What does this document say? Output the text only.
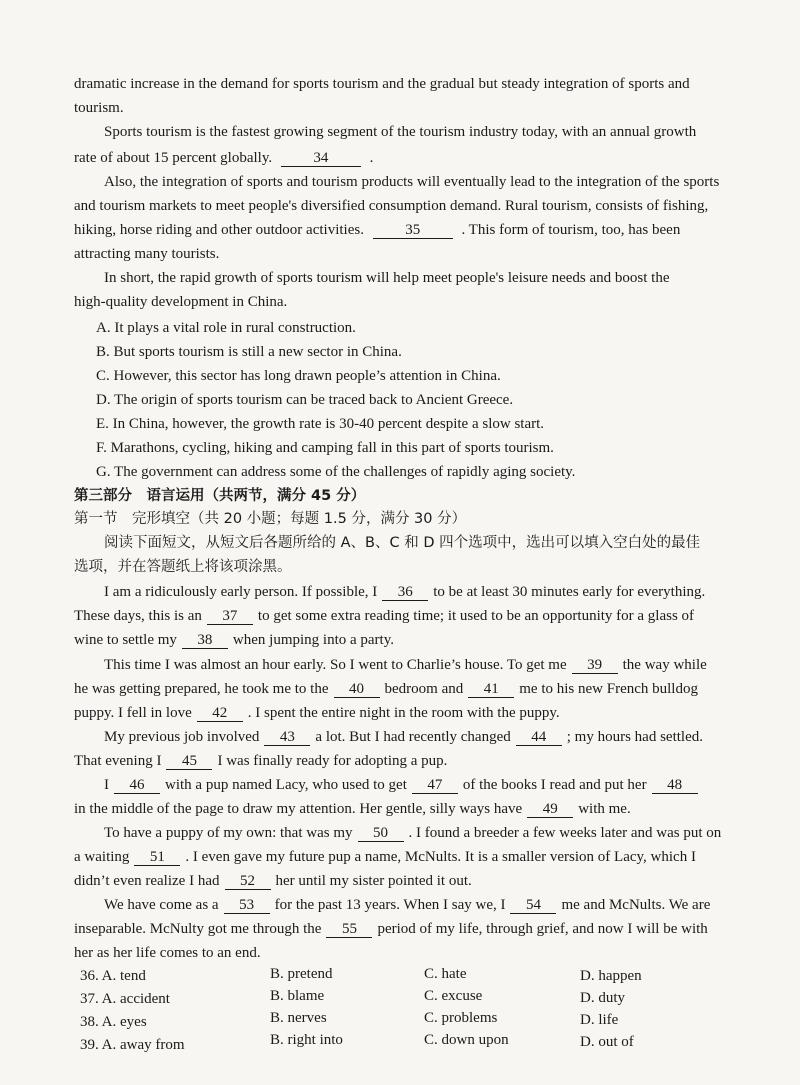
dramatic increase in the demand for sports tourism and the gradual but steady integration of sports and
tourism.
Sports tourism is the fastest growing segment of the tourism industry today, with an annual growth
rate of about 15 percent globally.	34	.
Also, the integration of sports and tourism products will eventually lead to the integration of the sports
and tourism markets to meet people's diversified consumption demand. Rural tourism, consists of fishing,
hiking, horse riding and other outdoor activities.	35	. This form of tourism, too, has been
attracting many tourists.
In short, the rapid growth of sports tourism will help meet people's leisure needs and boost the
high-quality development in China.
A. It plays a vital role in rural construction.
B. But sports tourism is still a new sector in China.
C. However, this sector has long drawn people’s attention in China.
D. The origin of sports tourism can be traced back to Ancient Greece.
E. In China, however, the growth rate is 30-40 percent despite a slow start.
F. Marathons, cycling, hiking and camping fall in this part of sports tourism.
G. The government can address some of the challenges of rapidly aging society.
第三部分　语言运用（共两节，满分 45 分）
第一节　完形填空（共 20 小题；每题 1.5 分，满分 30 分）
阅读下面短文，从短文后各题所给的 A、B、C 和 D 四个选项中，选出可以填入空白处的最佳
选项，并在答题纸上将该项涂黑。
I am a ridiculously early person. If possible, I 36 to be at least 30 minutes early for everything.
These days, this is an 37 to get some extra reading time; it used to be an opportunity for a glass of
wine to settle my 38 when jumping into a party.
This time I was almost an hour early. So I went to Charlie’s house. To get me 39 the way while
he was getting prepared, he took me to the 40 bedroom and 41 me to his new French bulldog
puppy. I fell in love 42 . I spent the entire night in the room with the puppy.
My previous job involved 43 a lot. But I had recently changed 44 ; my hours had settled.
That evening I 45 I was finally ready for adopting a pup.
I 46 with a pup named Lacy, who used to get 47 of the books I read and put her 48
in the middle of the page to draw my attention. Her gentle, silly ways have 49 with me.
To have a puppy of my own: that was my 50 . I found a breeder a few weeks later and was put on
a waiting 51 . I even gave my future pup a name, McNults. It is a smaller version of Lacy, which I
didn’t even realize I had 52 her until my sister pointed it out.
We have come as a 53 for the past 13 years. When I say we, I 54 me and McNults. We are
inseparable. McNulty got me through the 55 period of my life, through grief, and now I will be with
her as her life comes to an end.
36. A. tend	B. pretend	C. hate	D. happen
37. A. accident	B. blame	C. excuse	D. duty
38. A. eyes	B. nerves	C. problems	D. life
39. A. away from	B. right into	C. down upon	D. out of
